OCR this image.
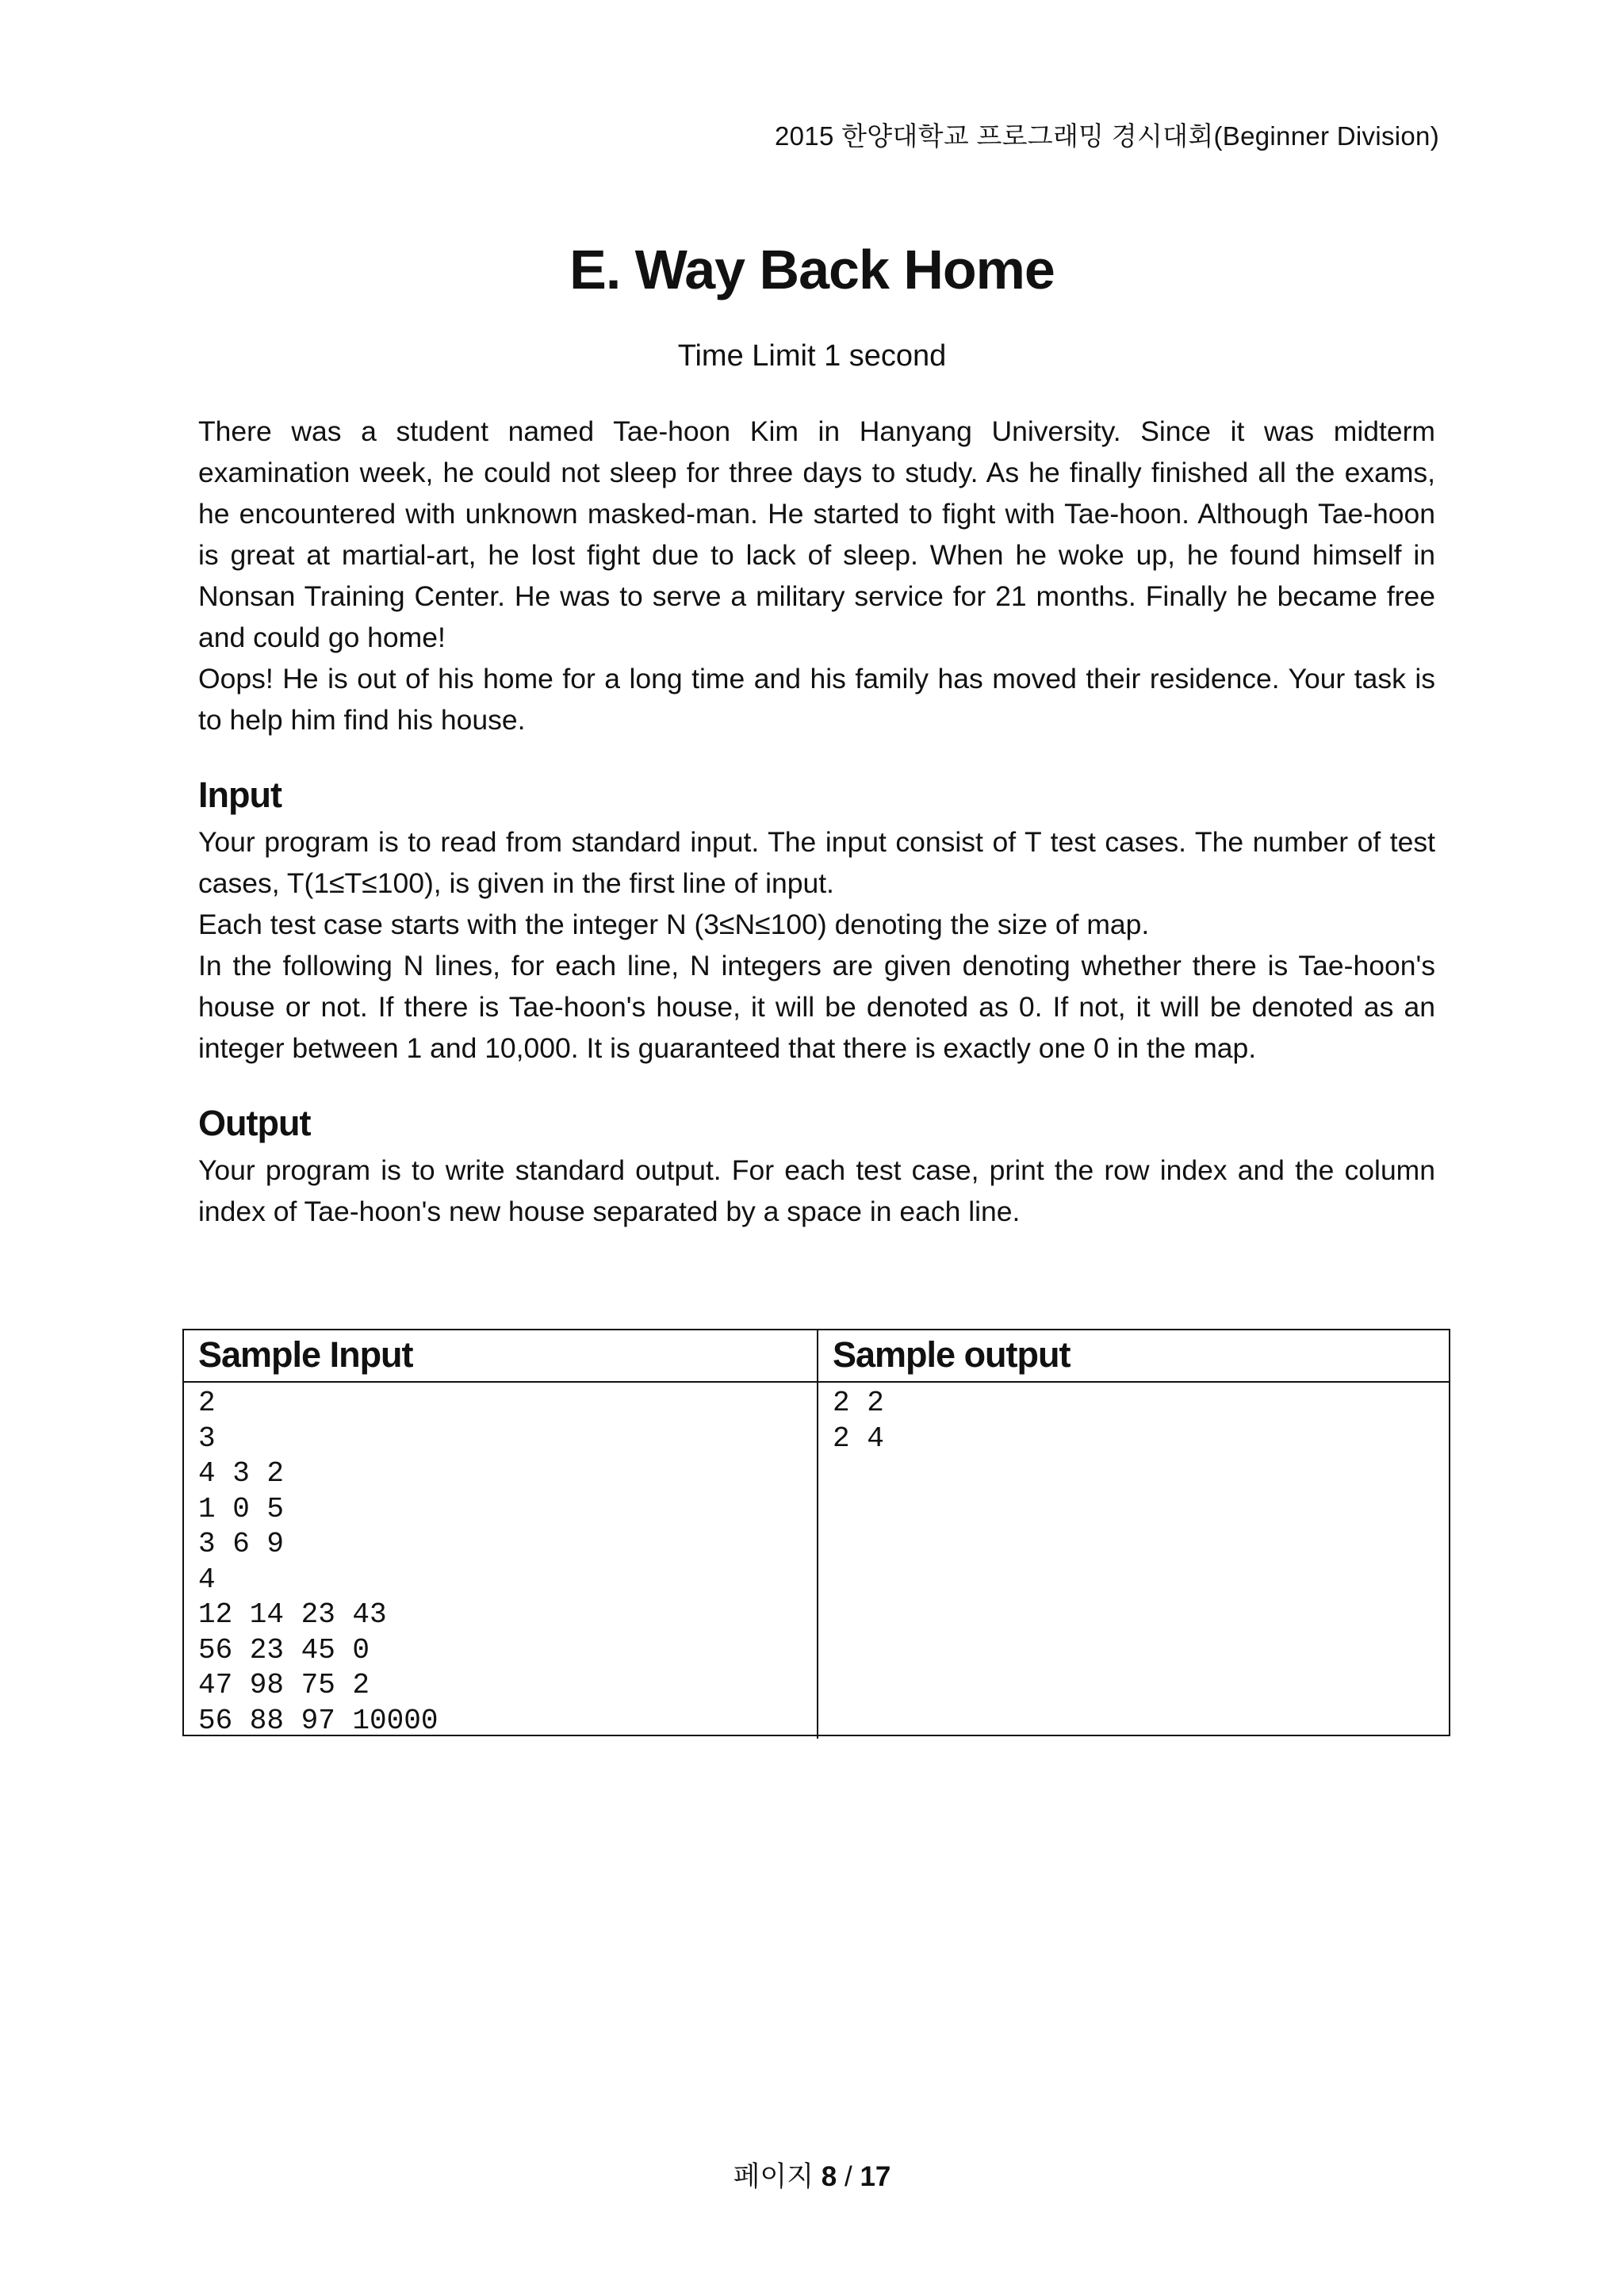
2015 한양대학교 프로그래밍 경시대회(Beginner Division)
E. Way Back Home
Time Limit 1 second

There was a student named Tae-hoon Kim in Hanyang University. Since it was midterm examination week, he could not sleep for three days to study. As he finally finished all the exams, he encountered with unknown masked-man. He started to fight with Tae-hoon. Although Tae-hoon is great at martial-art, he lost fight due to lack of sleep. When he woke up, he found himself in Nonsan Training Center. He was to serve a military service for 21 months. Finally he became free and could go home!

Oops! He is out of his home for a long time and his family has moved their residence. Your task is to help him find his house.

Input

Your program is to read from standard input. The input consist of T test cases. The number of test cases, T(1≤T≤100), is given in the first line of input.

Each test case starts with the integer N (3≤N≤100) denoting the size of map.

In the following N lines, for each line, N integers are given denoting whether there is Tae-hoon's house or not. If there is Tae-hoon's house, it will be denoted as 0. If not, it will be denoted as an integer between 1 and 10,000. It is guaranteed that there is exactly one 0 in the map.

Output

Your program is to write standard output. For each test case, print the row index and the column index of Tae-hoon's new house separated by a space in each line.

Sample Input	Sample output
2
3
4 3 2
1 0 5
3 6 9
4
12 14 23 43
56 23 45 0
47 98 75 2
56 88 97 10000
2 2
2 4
페이지 8 / 17
